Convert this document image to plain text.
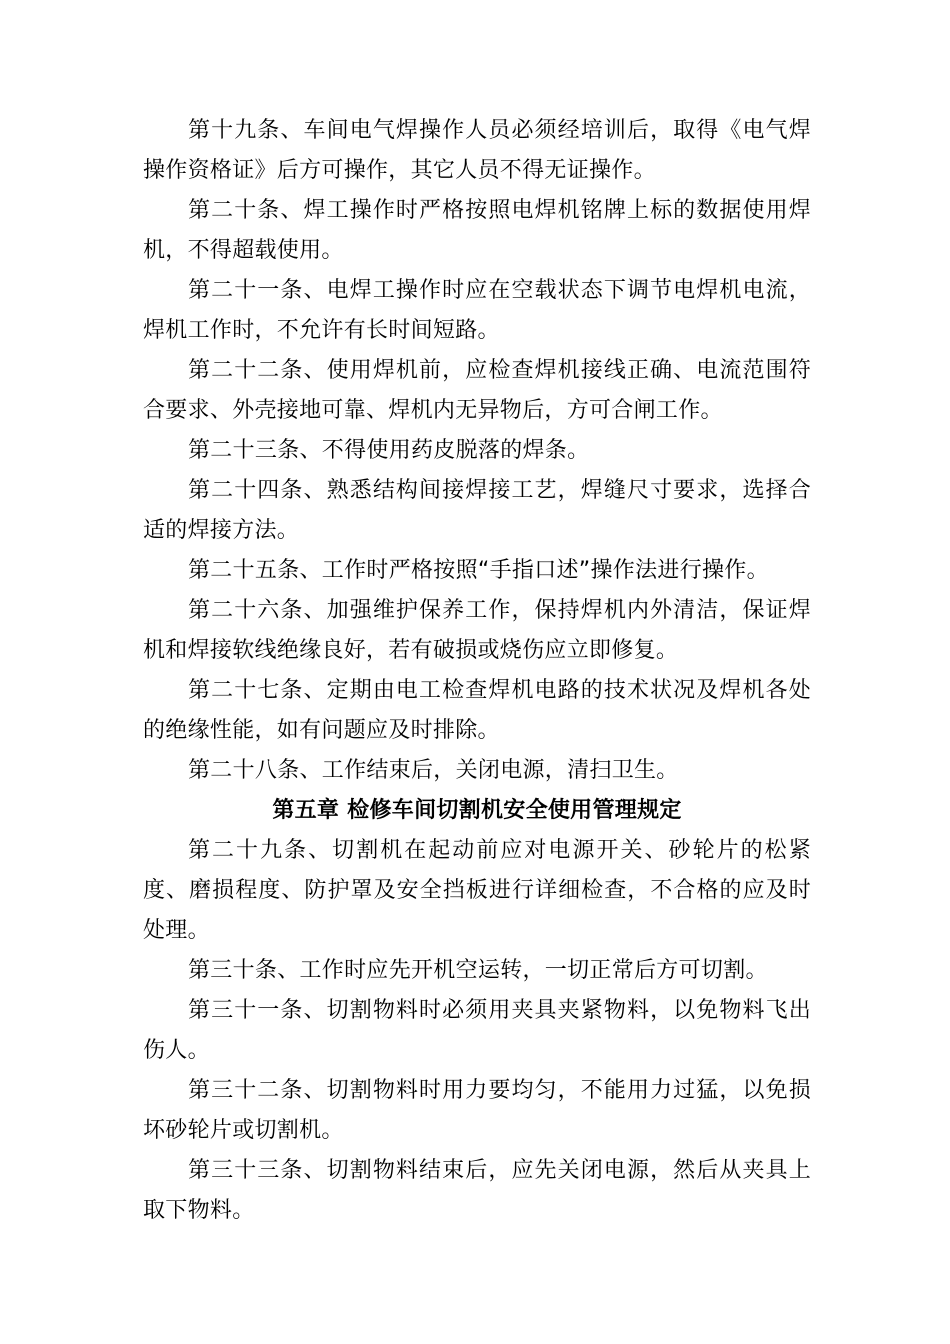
第十九条、车间电气焊操作人员必须经培训后，取得《电气焊操作资格证》后方可操作，其它人员不得无证操作。

第二十条、焊工操作时严格按照电焊机铭牌上标的数据使用焊机，不得超载使用。

第二十一条、电焊工操作时应在空载状态下调节电焊机电流，焊机工作时，不允许有长时间短路。

第二十二条、使用焊机前，应检查焊机接线正确、电流范围符合要求、外壳接地可靠、焊机内无异物后，方可合闸工作。

第二十三条、不得使用药皮脱落的焊条。

第二十四条、熟悉结构间接焊接工艺，焊缝尺寸要求，选择合适的焊接方法。

第二十五条、工作时严格按照“手指口述”操作法进行操作。

第二十六条、加强维护保养工作，保持焊机内外清洁，保证焊机和焊接软线绝缘良好，若有破损或烧伤应立即修复。

第二十七条、定期由电工检查焊机电路的技术状况及焊机各处的绝缘性能，如有问题应及时排除。

第二十八条、工作结束后，关闭电源，清扫卫生。

第五章 检修车间切割机安全使用管理规定

第二十九条、切割机在起动前应对电源开关、砂轮片的松紧度、磨损程度、防护罩及安全挡板进行详细检查，不合格的应及时处理。

第三十条、工作时应先开机空运转，一切正常后方可切割。

第三十一条、切割物料时必须用夹具夹紧物料，以免物料飞出伤人。

第三十二条、切割物料时用力要均匀，不能用力过猛，以免损坏砂轮片或切割机。

第三十三条、切割物料结束后，应先关闭电源，然后从夹具上取下物料。
